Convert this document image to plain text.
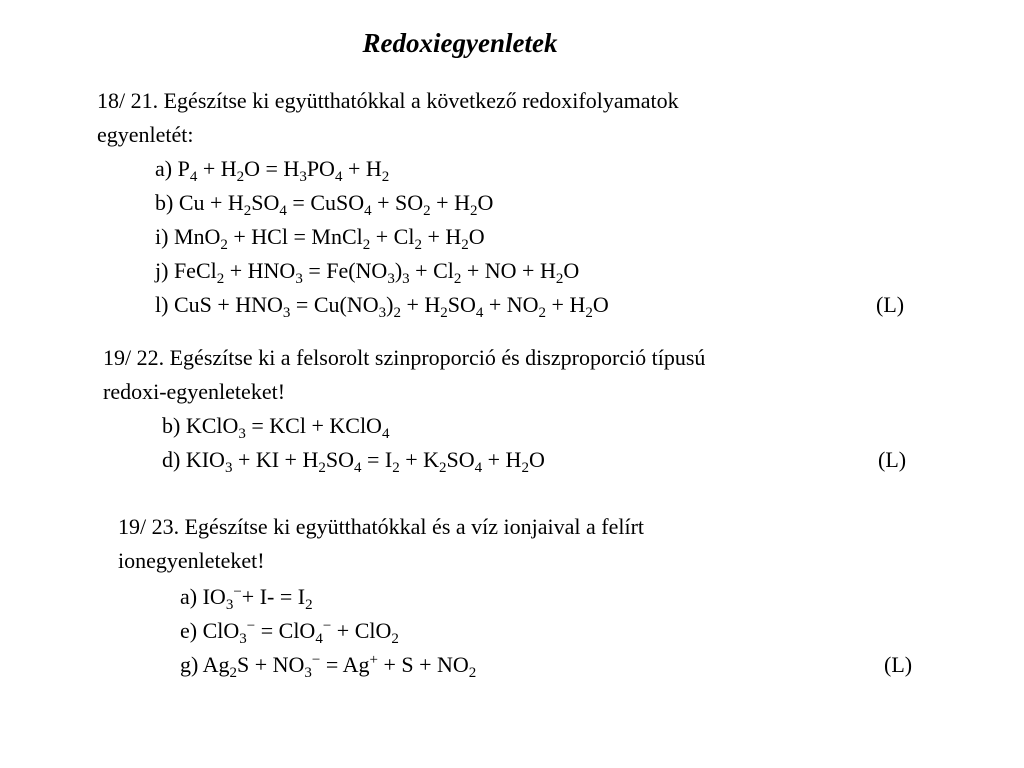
Redoxiegyenletek
18/ 21. Egészítse ki együtthatókkal a következő redoxifolyamatok
egyenletét:
a) $P_4 + H_2O = H_3PO_4 + H_2$
b) $Cu + H_2SO_4$ = CuSO$_4$ + $SO_2 + H_2O$
i) MnO$_2$ + HCl = MnCl$_2$ + $Cl_2 + H_2O$
j) FeCl$_2$ + $HNO_3 = Fe(NO_3)_3 + Cl_2$ + NO + $H_2O$
l) CuS + $HNO_3 = Cu(NO_3)_2 + H_2SO_4 + NO_2 + H_2O$	(L)
19/ 22. Egészítse ki a felsorolt szinproporció és diszproporció típusú
redoxi-egyenleteket!
b) KClO$_3$ = KCl + KClO$_4$
d) $KIO_3$ + KI + $H_2SO_4 = I_2 + K_2SO_4 + H_2O$	(L)
19/ 23. Egészítse ki együtthatókkal és a víz ionjaival a felírt
ionegyenleteket!
a) $IO_3^-+ I- = I_2$
e) ClO$_3$− = ClO$_4$− + ClO$_2$
g) $Ag_2S + NO_3^- = Ag^+ + S + NO_2$	(L)
